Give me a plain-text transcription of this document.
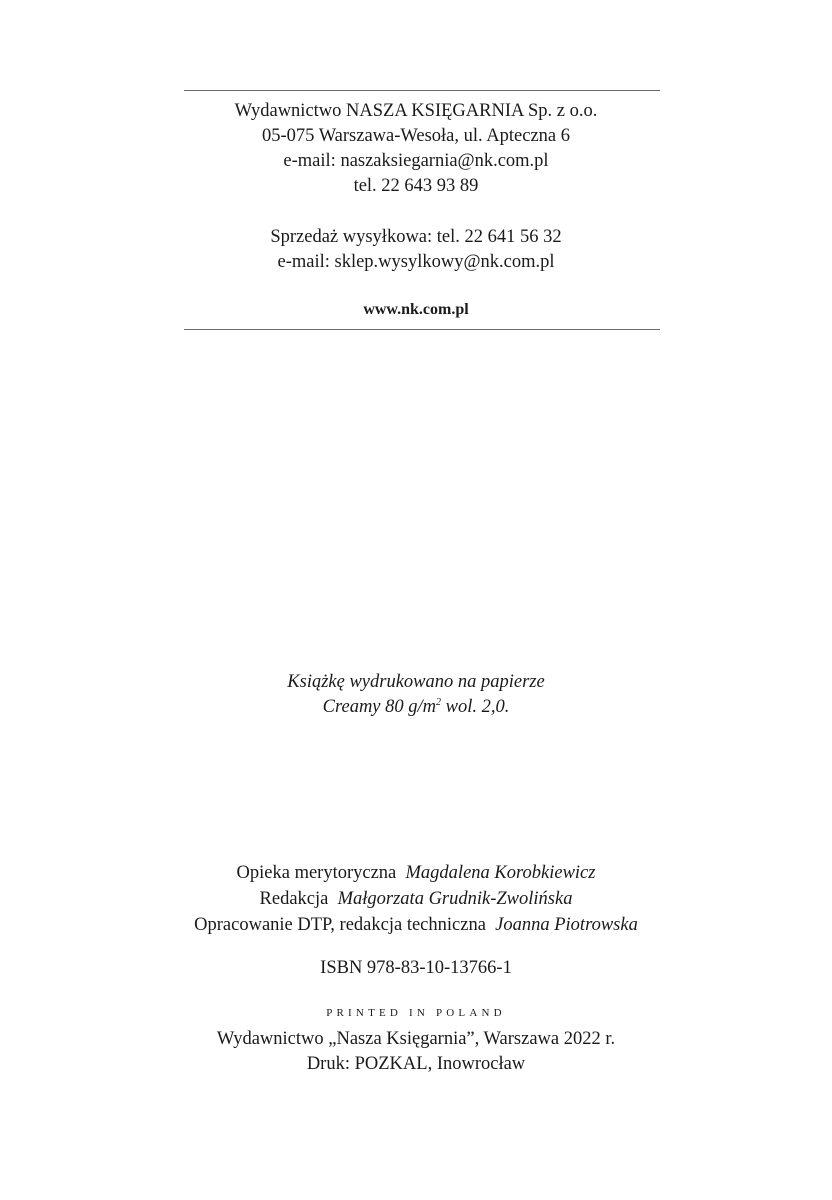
Wydawnictwo NASZA KSIĘGARNIA Sp. z o.o.
05-075 Warszawa-Wesoła, ul. Apteczna 6
e-mail: naszaksiegarnia@nk.com.pl
tel. 22 643 93 89
Sprzedaż wysyłkowa: tel. 22 641 56 32
e-mail: sklep.wysylkowy@nk.com.pl
www.nk.com.pl
Książkę wydrukowano na papierze
Creamy 80 $g/m^2$ wol. 2,0.
Opieka merytoryczna Magdalena Korobkiewicz
Redakcja Małgorzata Grudnik-Zwolińska
Opracowanie DTP, redakcja techniczna Joanna Piotrowska
ISBN 978-83-10-13766-1
PRINTED IN POLAND
Wydawnictwo „Nasza Księgarnia”, Warszawa 2022 r.
Druk: POZKAL, Inowrocław
